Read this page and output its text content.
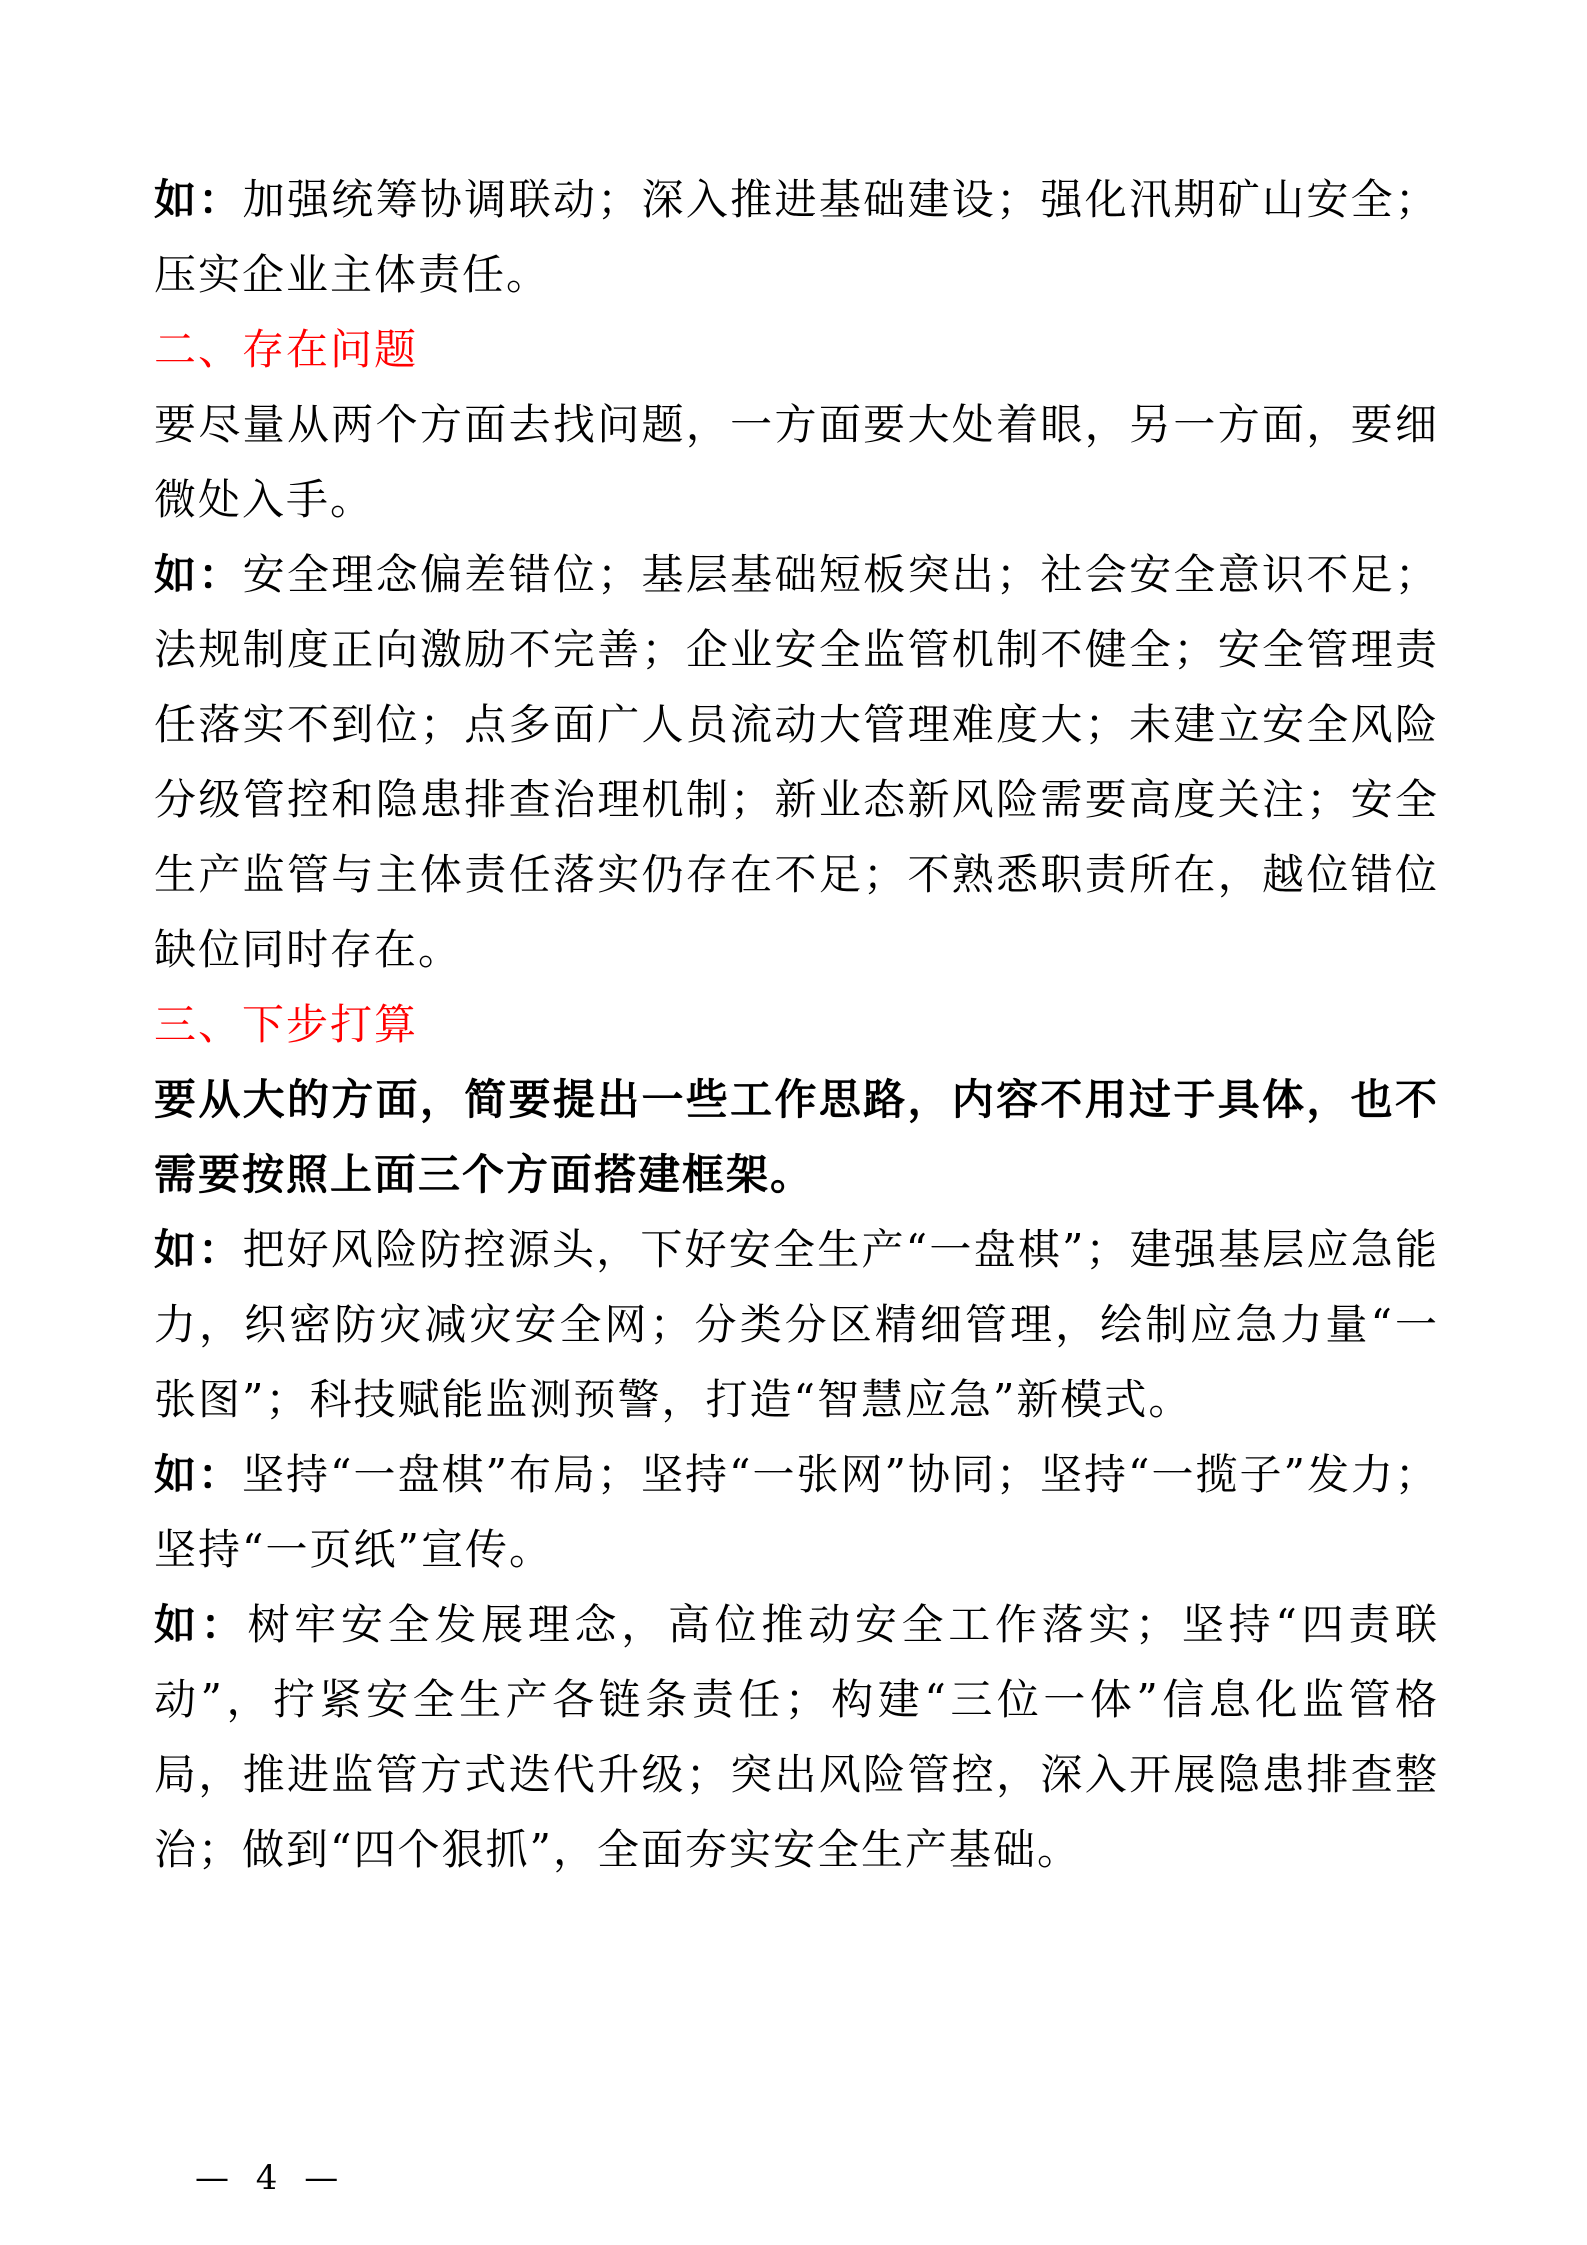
如：加强统筹协调联动；深入推进基础建设；强化汛期矿山安全；压实企业主体责任。

二、存在问题

要尽量从两个方面去找问题，一方面要大处着眼，另一方面，要细微处入手。

如：安全理念偏差错位；基层基础短板突出；社会安全意识不足；法规制度正向激励不完善；企业安全监管机制不健全；安全管理责任落实不到位；点多面广人员流动大管理难度大；未建立安全风险分级管控和隐患排查治理机制；新业态新风险需要高度关注；安全生产监管与主体责任落实仍存在不足；不熟悉职责所在，越位错位缺位同时存在。

三、下步打算

要从大的方面，简要提出一些工作思路，内容不用过于具体，也不需要按照上面三个方面搭建框架。

如：把好风险防控源头，下好安全生产“一盘棋”；建强基层应急能力，织密防灾减灾安全网；分类分区精细管理，绘制应急力量“一张图”；科技赋能监测预警，打造“智慧应急”新模式。

如：坚持“一盘棋”布局；坚持“一张网”协同；坚持“一揽子”发力；坚持“一页纸”宣传。

如：树牢安全发展理念，高位推动安全工作落实；坚持“四责联动”，拧紧安全生产各链条责任；构建“三位一体”信息化监管格局，推进监管方式迭代升级；突出风险管控，深入开展隐患排查整治；做到“四个狠抓”，全面夯实安全生产基础。

— 4 —
